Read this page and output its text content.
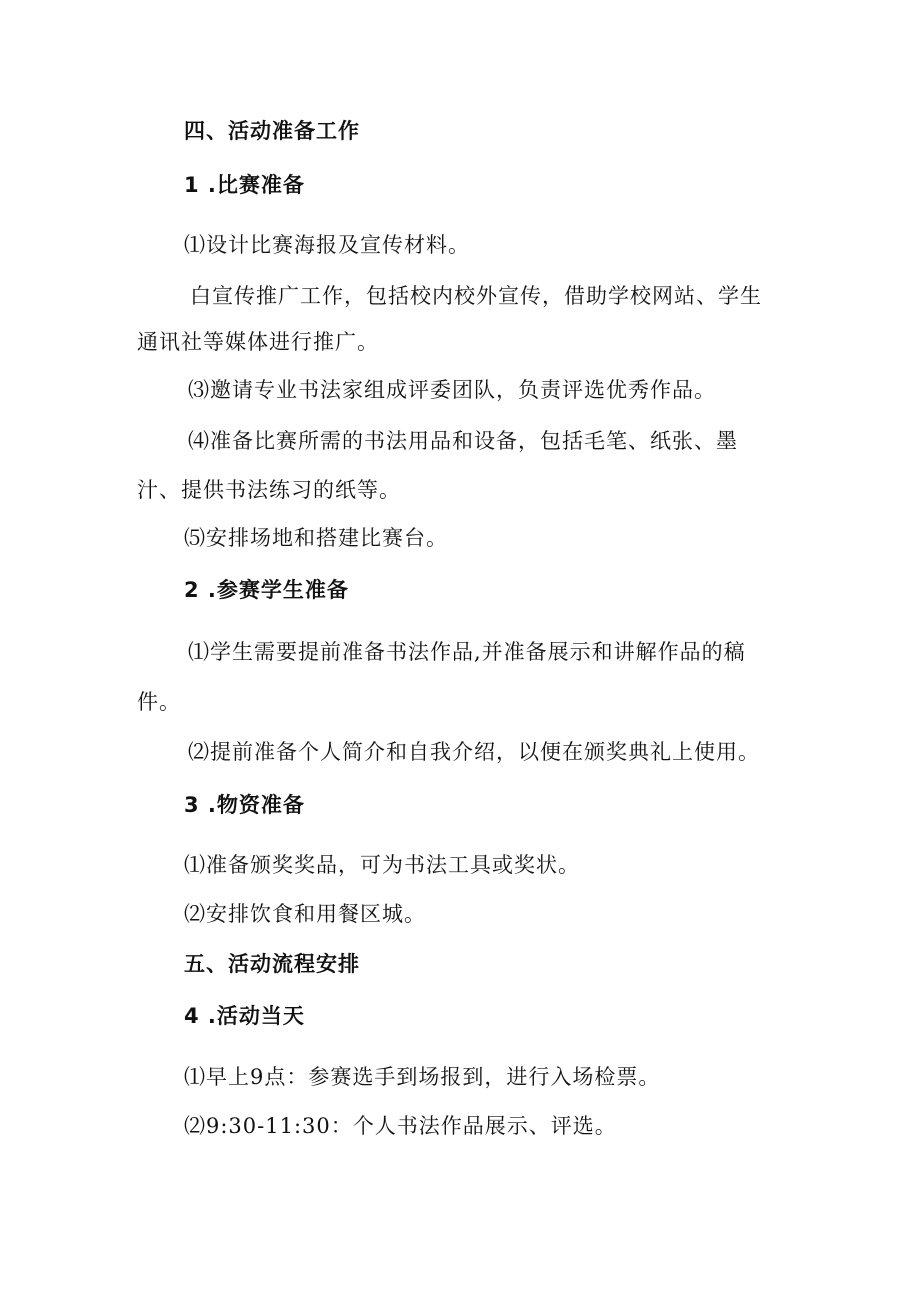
四、活动准备工作
1 .比赛准备
⑴设计比赛海报及宣传材料。
白宣传推广工作，包括校内校外宣传，借助学校网站、学生
通讯社等媒体进行推广。
⑶邀请专业书法家组成评委团队，负责评选优秀作品。
⑷准备比赛所需的书法用品和设备，包括毛笔、纸张、墨
汁、提供书法练习的纸等。
⑸安排场地和搭建比赛台。
2 .参赛学生准备
⑴学生需要提前准备书法作品,并准备展示和讲解作品的稿
件。
⑵提前准备个人简介和自我介绍，以便在颁奖典礼上使用。
3 .物资准备
⑴准备颁奖奖品，可为书法工具或奖状。
⑵安排饮食和用餐区城。
五、活动流程安排
4 .活动当天
⑴早上9点：参赛选手到场报到，进行入场检票。
⑵9:30-11:30：个人书法作品展示、评选。
